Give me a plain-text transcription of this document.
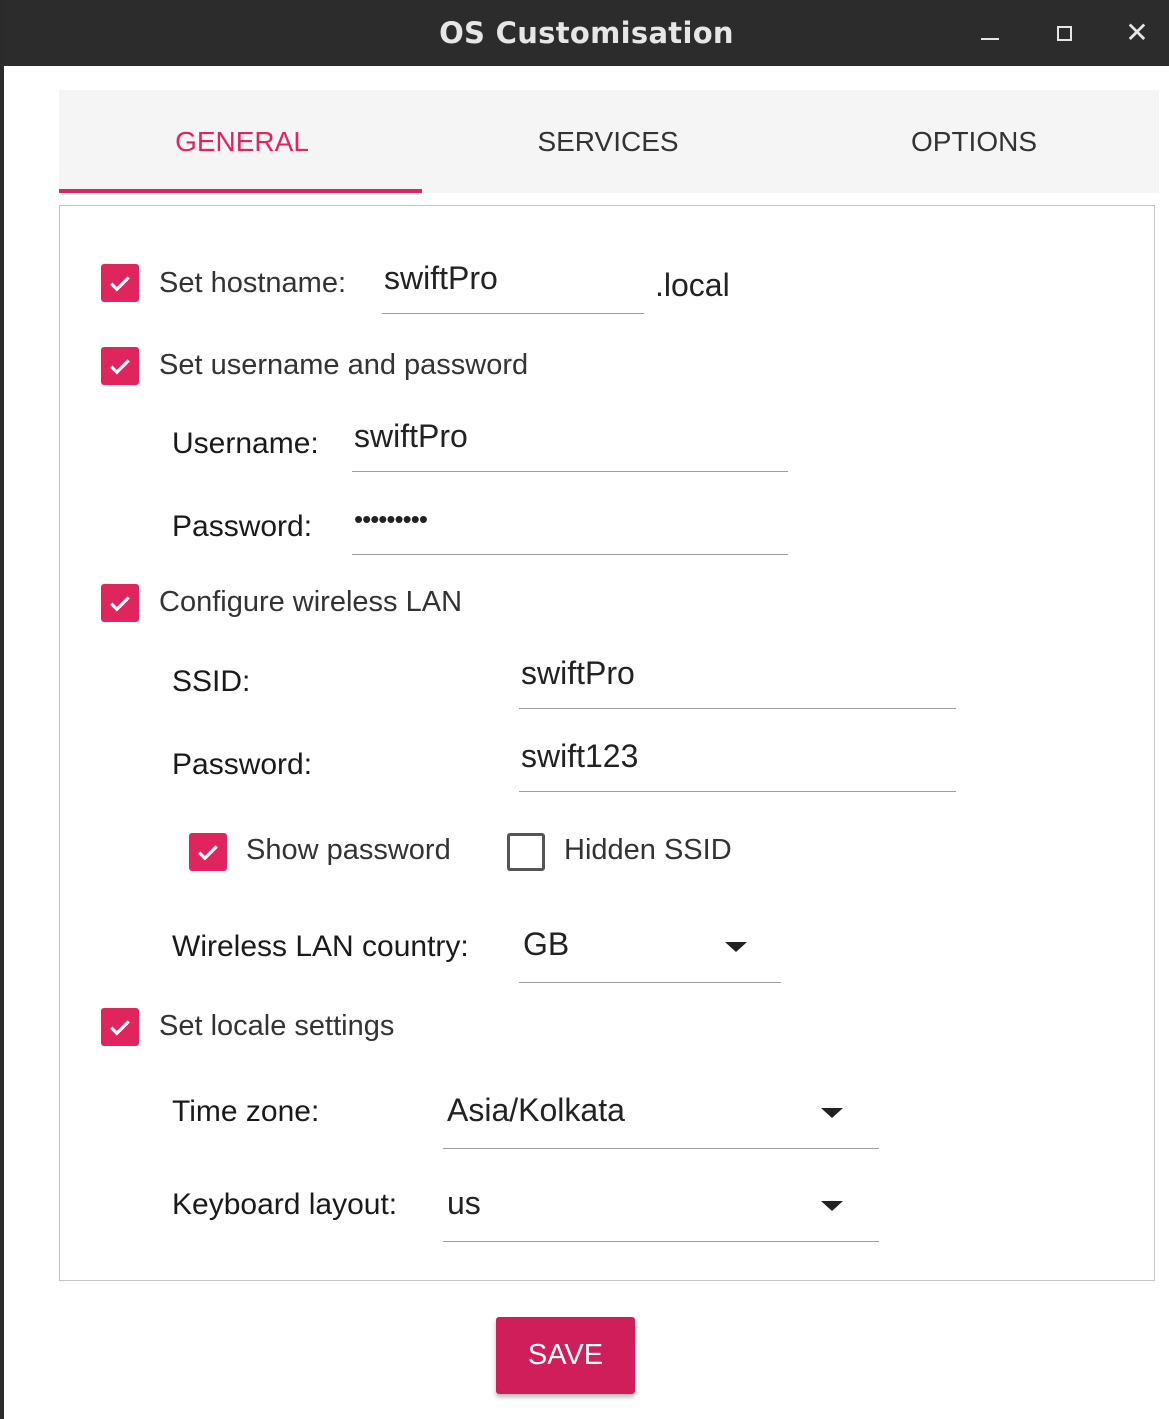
OS Customisation	✕
GENERAL	SERVICES	OPTIONS
Set hostname:
swiftPro	.local
Set username and password
Username:
swiftPro
Password:
•••••••••
Configure wireless LAN
SSID:
swiftPro
Password:
swift123
Show password	Hidden SSID
Wireless LAN country: GB
Set locale settings
Time zone:	Asia/Kolkata
Keyboard layout: us
SAVE
